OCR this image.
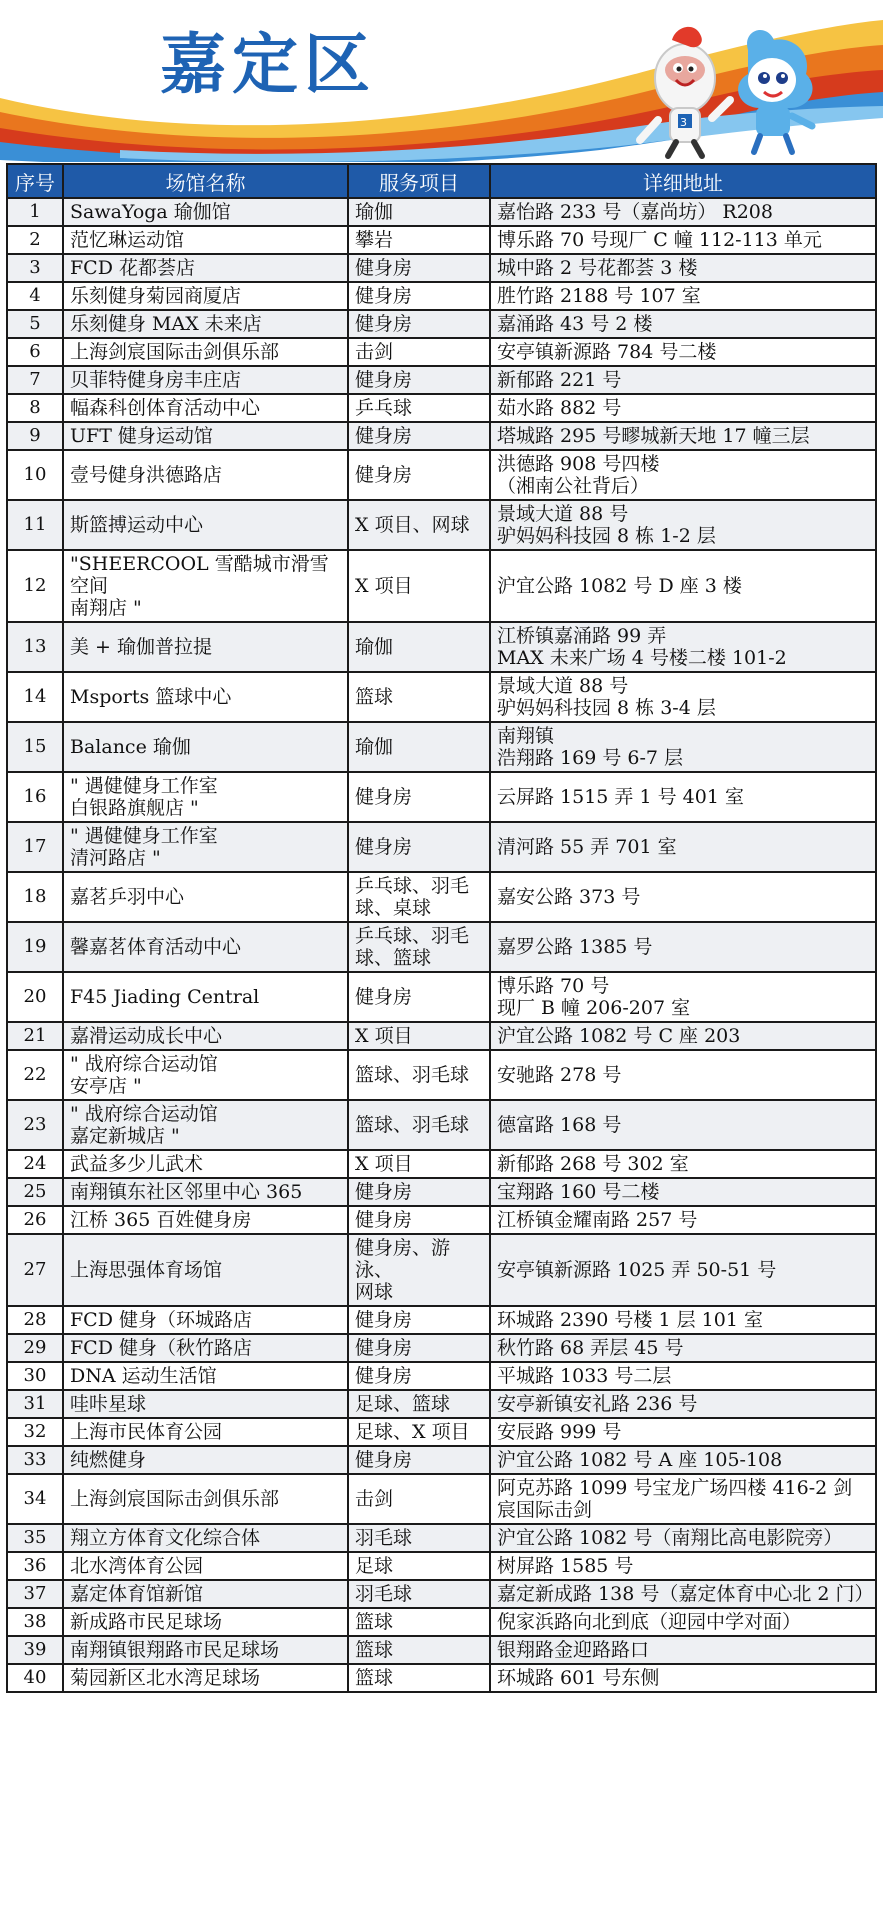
3
嘉定区
序号	场馆名称	服务项目	详细地址
1	SawaYoga 瑜伽馆	瑜伽	嘉怡路 233 号（嘉尚坊） R208
2	范忆琳运动馆	攀岩	博乐路 70 号现厂 C 幢 112-113 单元
3	FCD 花都荟店	健身房	城中路 2 号花都荟 3 楼
4	乐刻健身菊园商厦店	健身房	胜竹路 2188 号 107 室
5	乐刻健身 MAX 未来店	健身房	嘉涌路 43 号 2 楼
6	上海剑宸国际击剑俱乐部	击剑	安亭镇新源路 784 号二楼
7	贝菲特健身房丰庄店	健身房	新郁路 221 号
8	幅森科创体育活动中心	乒乓球	茹水路 882 号
9	UFT 健身运动馆	健身房	塔城路 295 号疁城新天地 17 幢三层
10	壹号健身洪德路店	健身房	洪德路 908 号四楼
（湘南公社背后）
11	斯篮搏运动中心	X 项目、网球	景域大道 88 号
驴妈妈科技园 8 栋 1-2 层
12	"SHEERCOOL 雪酷城市滑雪
空间
南翔店 "	X 项目	沪宜公路 1082 号 D 座 3 楼
13	美 + 瑜伽普拉提	瑜伽	江桥镇嘉涌路 99 弄
MAX 未来广场 4 号楼二楼 101-2
14	Msports 篮球中心	篮球	景域大道 88 号
驴妈妈科技园 8 栋 3-4 层
15	Balance 瑜伽	瑜伽	南翔镇
浩翔路 169 号 6-7 层
16	" 遇健健身工作室
白银路旗舰店 "	健身房	云屏路 1515 弄 1 号 401 室
17	" 遇健健身工作室
清河路店 "	健身房	清河路 55 弄 701 室
18	嘉茗乒羽中心	乒乓球、羽毛
球、桌球	嘉安公路 373 号
19	馨嘉茗体育活动中心	乒乓球、羽毛
球、篮球	嘉罗公路 1385 号
20	F45 Jiading Central	健身房	博乐路 70 号
现厂 B 幢 206-207 室
21	嘉滑运动成长中心	X 项目	沪宜公路 1082 号 C 座 203
22	" 战府综合运动馆
安亭店 "	篮球、羽毛球	安驰路 278 号
23	" 战府综合运动馆
嘉定新城店 "	篮球、羽毛球	德富路 168 号
24	武益多少儿武术	X 项目	新郁路 268 号 302 室
25	南翔镇东社区邻里中心 365	健身房	宝翔路 160 号二楼
26	江桥 365 百姓健身房	健身房	江桥镇金耀南路 257 号
27	上海思强体育场馆	健身房、游泳、
网球	安亭镇新源路 1025 弄 50-51 号
28	FCD 健身（环城路店	健身房	环城路 2390 号楼 1 层 101 室
29	FCD 健身（秋竹路店	健身房	秋竹路 68 弄层 45 号
30	DNA 运动生活馆	健身房	平城路 1033 号二层
31	哇咔星球	足球、篮球	安亭新镇安礼路 236 号
32	上海市民体育公园	足球、X 项目	安辰路 999 号
33	纯燃健身	健身房	沪宜公路 1082 号 A 座 105-108
34	上海剑宸国际击剑俱乐部	击剑	阿克苏路 1099 号宝龙广场四楼 416-2 剑
宸国际击剑
35	翔立方体育文化综合体	羽毛球	沪宜公路 1082 号（南翔比高电影院旁）
36	北水湾体育公园	足球	树屏路 1585 号
37	嘉定体育馆新馆	羽毛球	嘉定新成路 138 号（嘉定体育中心北 2 门）
38	新成路市民足球场	篮球	倪家浜路向北到底（迎园中学对面）
39	南翔镇银翔路市民足球场	篮球	银翔路金迎路路口
40	菊园新区北水湾足球场	篮球	环城路 601 号东侧
